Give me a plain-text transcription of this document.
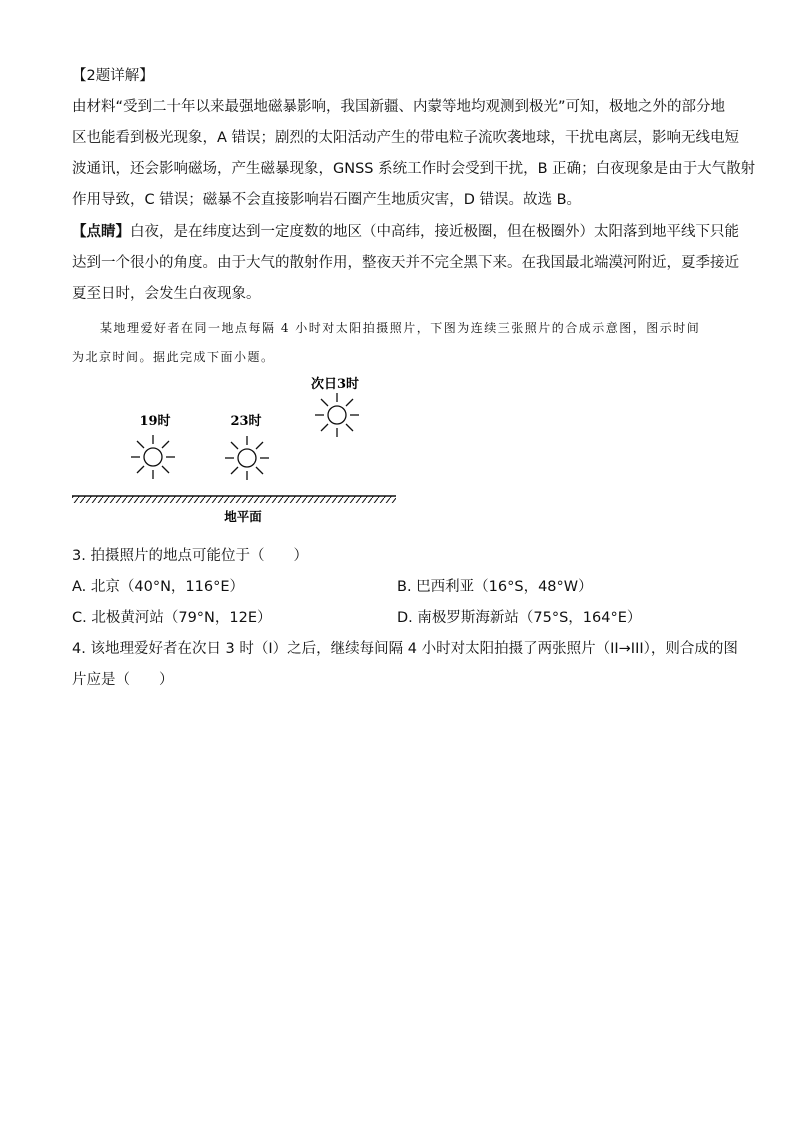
【2题详解】
由材料“受到二十年以来最强地磁暴影响，我国新疆、内蒙等地均观测到极光”可知，极地之外的部分地
区也能看到极光现象，A 错误；剧烈的太阳活动产生的带电粒子流吹袭地球，干扰电离层，影响无线电短
波通讯，还会影响磁场，产生磁暴现象，GNSS 系统工作时会受到干扰，B 正确；白夜现象是由于大气散射
作用导致，C 错误；磁暴不会直接影响岩石圈产生地质灾害，D 错误。故选 B。
【点睛】白夜，是在纬度达到一定度数的地区（中高纬，接近极圈，但在极圈外）太阳落到地平线下只能
达到一个很小的角度。由于大气的散射作用，整夜天并不完全黑下来。在我国最北端漠河附近，夏季接近
夏至日时，会发生白夜现象。
某地理爱好者在同一地点每隔 4 小时对太阳拍摄照片，下图为连续三张照片的合成示意图，图示时间
为北京时间。据此完成下面小题。
19时	23时
次日3时
地平面
3. 拍摄照片的地点可能位于（　　）
A. 北京（40°N，116°E）	B. 巴西利亚（16°S，48°W）
C. 北极黄河站（79°N，12E）	D. 南极罗斯海新站（75°S，164°E）
4. 该地理爱好者在次日 3 时（I）之后，继续每间隔 4 小时对太阳拍摄了两张照片（II→III），则合成的图
片应是（　　）
